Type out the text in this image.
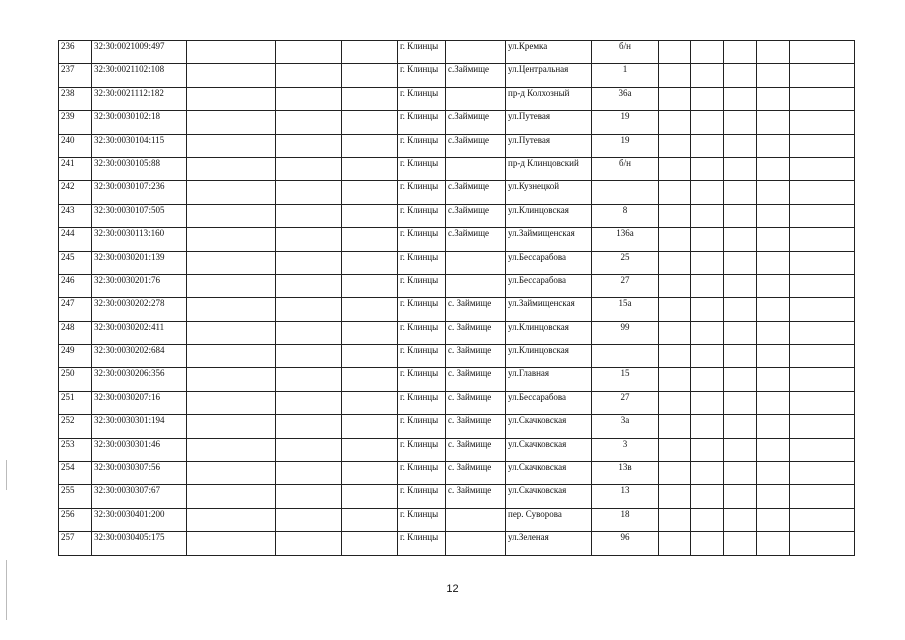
236	32:30:0021009:497				г. Клинцы		ул.Кремка	б/н					
237	32:30:0021102:108				г. Клинцы	с.Займище	ул.Центральная	1					
238	32:30:0021112:182				г. Клинцы		пр-д Колхозный	36а					
239	32:30:0030102:18				г. Клинцы	с.Займище	ул.Путевая	19					
240	32:30:0030104:115				г. Клинцы	с.Займище	ул.Путевая	19					
241	32:30:0030105:88				г. Клинцы		пр-д Клинцовский	б/н					
242	32:30:0030107:236				г. Клинцы	с.Займище	ул.Кузнецкой						
243	32:30:0030107:505				г. Клинцы	с.Займище	ул.Клинцовская	8					
244	32:30:0030113:160				г. Клинцы	с.Займище	ул.Займищенская	136а					
245	32:30:0030201:139				г. Клинцы		ул.Бессарабова	25					
246	32:30:0030201:76				г. Клинцы		ул.Бессарабова	27					
247	32:30:0030202:278				г. Клинцы	с. Займище	ул.Займищенская	15а					
248	32:30:0030202:411				г. Клинцы	с. Займище	ул.Клинцовская	99					
249	32:30:0030202:684				г. Клинцы	с. Займище	ул.Клинцовская						
250	32:30:0030206:356				г. Клинцы	с. Займище	ул.Главная	15					
251	32:30:0030207:16				г. Клинцы	с. Займище	ул.Бессарабова	27					
252	32:30:0030301:194				г. Клинцы	с. Займище	ул.Скачковская	3а					
253	32:30:0030301:46				г. Клинцы	с. Займище	ул.Скачковская	3					
254	32:30:0030307:56				г. Клинцы	с. Займище	ул.Скачковская	13в					
255	32:30:0030307:67				г. Клинцы	с. Займище	ул.Скачковская	13					
256	32:30:0030401:200				г. Клинцы		пер. Суворова	18					
257	32:30:0030405:175				г. Клинцы		ул.Зеленая	96					
12
